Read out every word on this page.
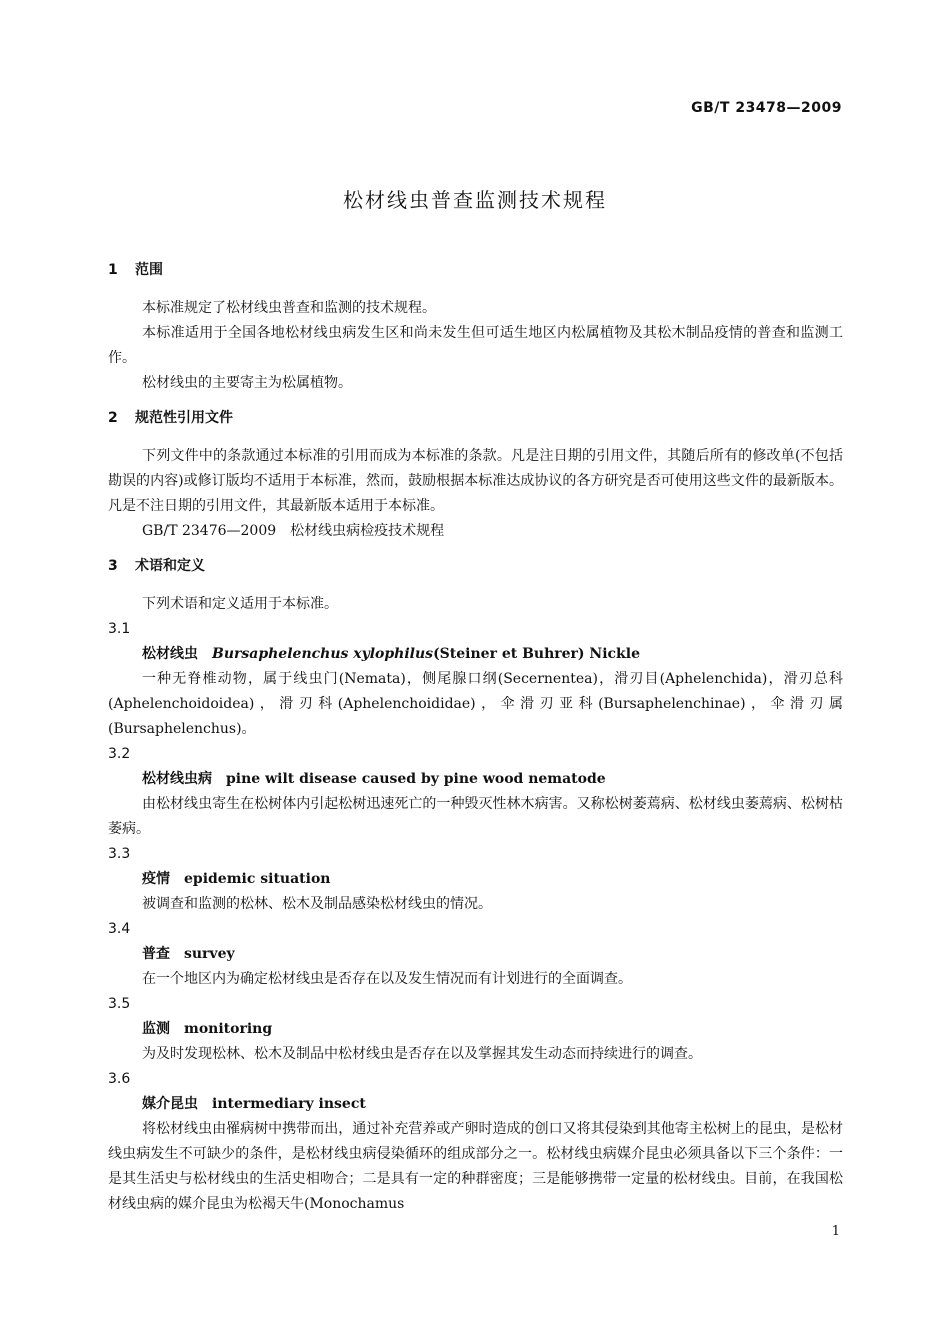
GB/T 23478—2009
松材线虫普查监测技术规程
1 范围

本标准规定了松材线虫普查和监测的技术规程。

本标准适用于全国各地松材线虫病发生区和尚未发生但可适生地区内松属植物及其松木制品疫情的普查和监测工作。

松材线虫的主要寄主为松属植物。

2 规范性引用文件

下列文件中的条款通过本标准的引用而成为本标准的条款。凡是注日期的引用文件，其随后所有的修改单(不包括勘误的内容)或修订版均不适用于本标准，然而，鼓励根据本标准达成协议的各方研究是否可使用这些文件的最新版本。凡是不注日期的引用文件，其最新版本适用于本标准。

GB/T 23476—2009　松材线虫病检疫技术规程

3 术语和定义

下列术语和定义适用于本标准。

3.1
松材线虫 Bursaphelenchus xylophilus(Steiner et Buhrer) Nickle

一种无脊椎动物，属于线虫门(Nemata)，侧尾腺口纲(Secernentea)，滑刃目(Aphelenchida)，滑刃总科(Aphelenchoidoidea)，滑刃科(Aphelenchoididae)，伞滑刃亚科(Bursaphelenchinae)，伞滑刃属(Bursaphelenchus)。

3.2
松材线虫病 pine wilt disease caused by pine wood nematode

由松材线虫寄生在松树体内引起松树迅速死亡的一种毁灭性林木病害。又称松树萎蔫病、松材线虫萎蔫病、松树枯萎病。

3.3
疫情 epidemic situation

被调查和监测的松林、松木及制品感染松材线虫的情况。

3.4
普查 survey

在一个地区内为确定松材线虫是否存在以及发生情况而有计划进行的全面调查。

3.5
监测 monitoring

为及时发现松林、松木及制品中松材线虫是否存在以及掌握其发生动态而持续进行的调查。

3.6
媒介昆虫 intermediary insect

将松材线虫由罹病树中携带而出，通过补充营养或产卵时造成的创口又将其侵染到其他寄主松树上的昆虫，是松材线虫病发生不可缺少的条件，是松材线虫病侵染循环的组成部分之一。松材线虫病媒介昆虫必须具备以下三个条件：一是其生活史与松材线虫的生活史相吻合；二是具有一定的种群密度；三是能够携带一定量的松材线虫。目前，在我国松材线虫病的媒介昆虫为松褐天牛(Monochamus

1
